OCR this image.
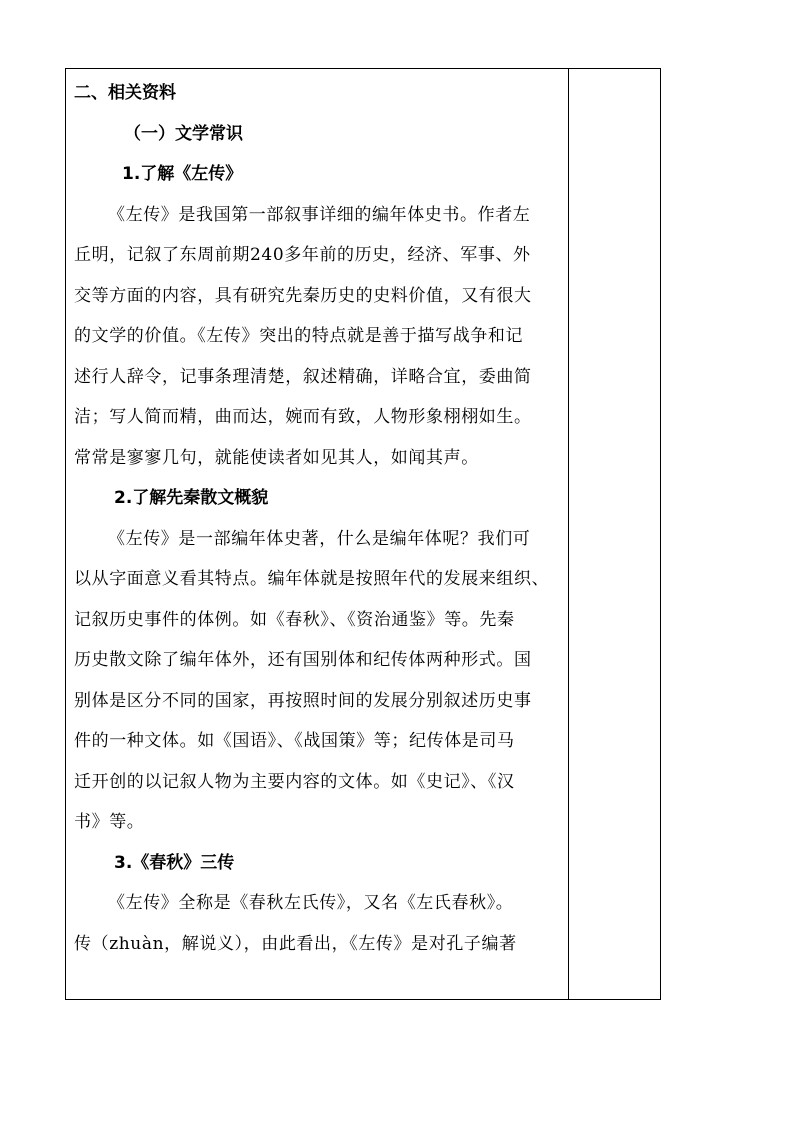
二、相关资料
（一）文学常识
1.了解《左传》
《左传》是我国第一部叙事详细的编年体史书。作者左
丘明，记叙了东周前期240多年前的历史，经济、军事、外
交等方面的内容，具有研究先秦历史的史料价值，又有很大
的文学的价值。《左传》突出的特点就是善于描写战争和记
述行人辞令，记事条理清楚，叙述精确，详略合宜，委曲简
洁；写人简而精，曲而达，婉而有致，人物形象栩栩如生。
常常是寥寥几句，就能使读者如见其人，如闻其声。
2.了解先秦散文概貌
《左传》是一部编年体史著，什么是编年体呢？我们可
以从字面意义看其特点。编年体就是按照年代的发展来组织、
记叙历史事件的体例。如《春秋》、《资治通鉴》等。先秦
历史散文除了编年体外，还有国别体和纪传体两种形式。国
别体是区分不同的国家，再按照时间的发展分别叙述历史事
件的一种文体。如《国语》、《战国策》等；纪传体是司马
迁开创的以记叙人物为主要内容的文体。如《史记》、《汉
书》等。
3.《春秋》三传
《左传》全称是《春秋左氏传》，又名《左氏春秋》。
传（zhuàn，解说义），由此看出，《左传》是对孔子编著
